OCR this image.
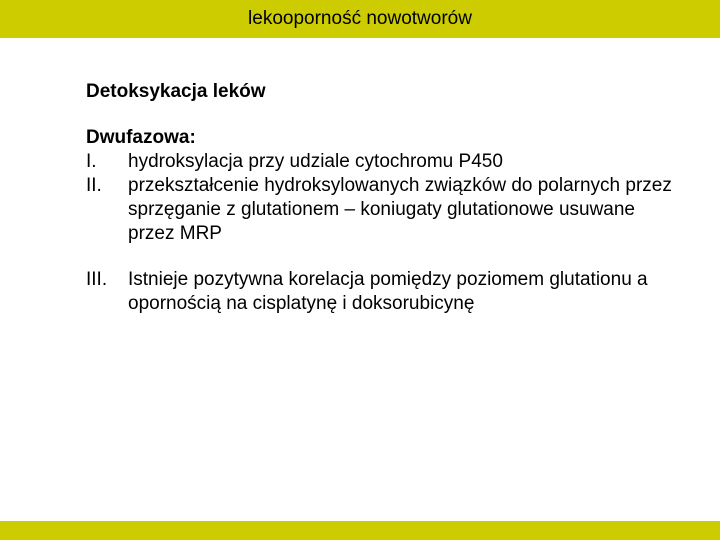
lekooporność nowotworów
Detoksykacja leków
Dwufazowa:
I.	hydroksylacja przy udziale cytochromu P450
II.	przekształcenie hydroksylowanych związków do polarnych przez sprzęganie z glutationem – koniugaty glutationowe usuwane przez MRP
III.	Istnieje pozytywna korelacja pomiędzy poziomem glutationu a opornością na cisplatynę i doksorubicynę
